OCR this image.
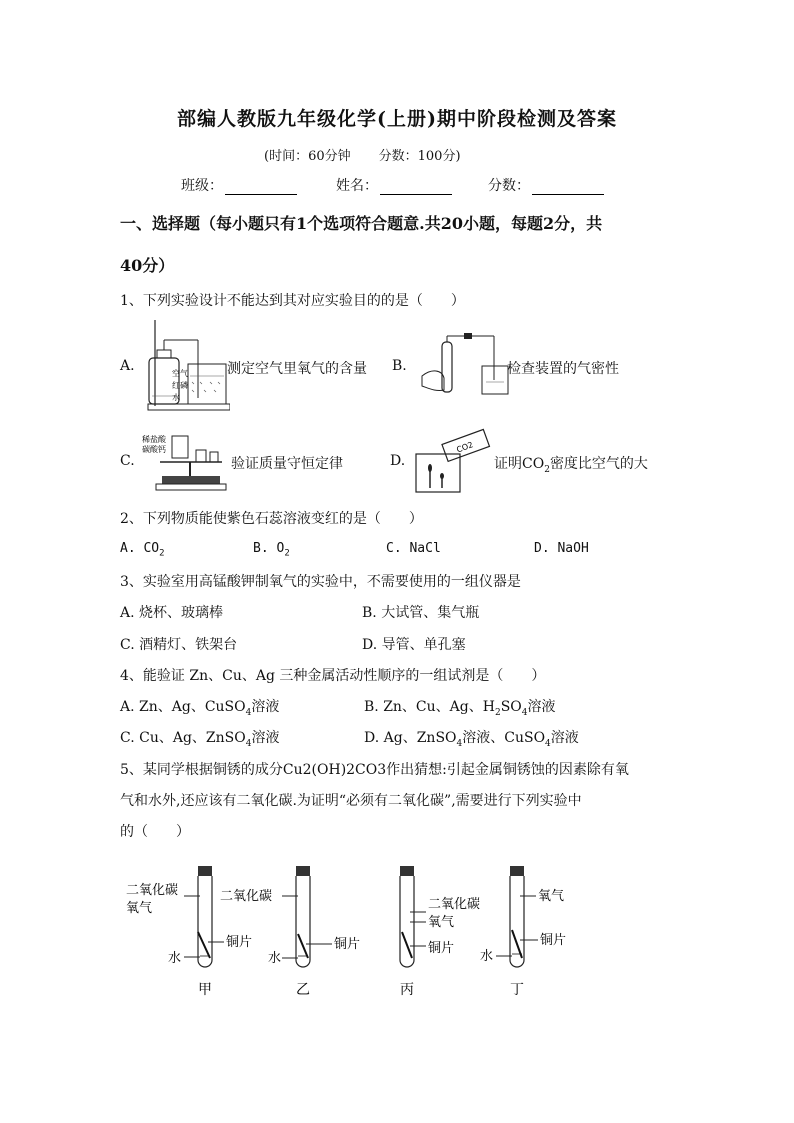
部编人教版九年级化学(上册)期中阶段检测及答案
(时间：60分钟 分数：100分)
班级：	姓名：	分数：
一、选择题（每小题只有1个选项符合题意.共20小题，每题2分，共
40分）
1、下列实验设计不能达到其对应实验目的的是（　　）
A.	空气
红磷
水
测定空气里氧气的含量 B.	检查装置的气密性
C.
稀盐酸
碳酸钙
验证质量守恒定律	D.
CO2
证明$CO_2$密度比空气的大
2、下列物质能使紫色石蕊溶液变红的是（　　）
A. $CO_2$	B. $O_2$	C. NaCl	D. NaOH
3、实验室用高锰酸钾制氧气的实验中，不需要使用的一组仪器是
A. 烧杯、玻璃棒	B. 大试管、集气瓶
C. 酒精灯、铁架台	D. 导管、单孔塞
4、能验证 Zn、Cu、Ag 三种金属活动性顺序的一组试剂是（　　）
A. Zn、Ag、CuSO$_4$溶液	B. Zn、Cu、Ag、$H_2SO_4$溶液
C. Cu、Ag、ZnSO$_4$溶液	D. Ag、ZnSO$_4$溶液、CuSO$_4$溶液
5、某同学根据铜锈的成分Cu2(OH)2CO3作出猜想:引起金属铜锈蚀的因素除有氧
气和水外,还应该有二氧化碳.为证明“必须有二氧化碳”,需要进行下列实验中
的（　　）
二氧化碳
氧气
铜片
水
甲
二氧化碳
铜片
水
乙
二氧化碳
氧气
铜片
丙
氧气
铜片
水
丁
